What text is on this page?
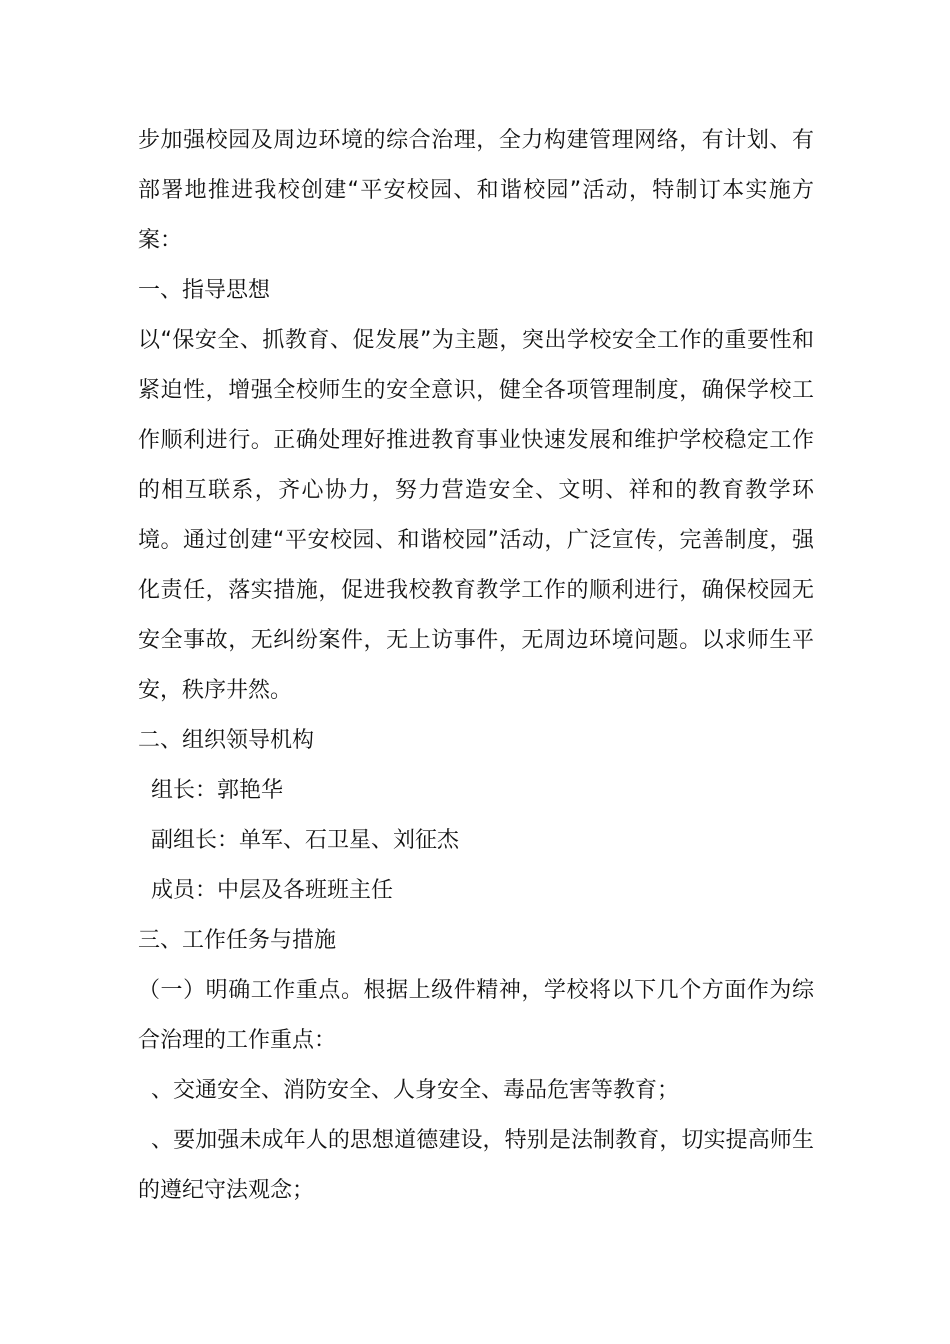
步加强校园及周边环境的综合治理，全力构建管理网络，有计划、有部署地推进我校创建“平安校园、和谐校园”活动，特制订本实施方案：

一、指导思想

以“保安全、抓教育、促发展”为主题，突出学校安全工作的重要性和紧迫性，增强全校师生的安全意识，健全各项管理制度，确保学校工作顺利进行。正确处理好推进教育事业快速发展和维护学校稳定工作的相互联系，齐心协力，努力营造安全、文明、祥和的教育教学环境。通过创建“平安校园、和谐校园”活动，广泛宣传，完善制度，强化责任，落实措施，促进我校教育教学工作的顺利进行，确保校园无安全事故，无纠纷案件，无上访事件，无周边环境问题。以求师生平安，秩序井然。

二、组织领导机构

组长：郭艳华

副组长：单军、石卫星、刘征杰

成员：中层及各班班主任

三、工作任务与措施

（一）明确工作重点。根据上级件精神，学校将以下几个方面作为综合治理的工作重点：

、交通安全、消防安全、人身安全、毒品危害等教育；

、要加强未成年人的思想道德建设，特别是法制教育，切实提高师生的遵纪守法观念；
